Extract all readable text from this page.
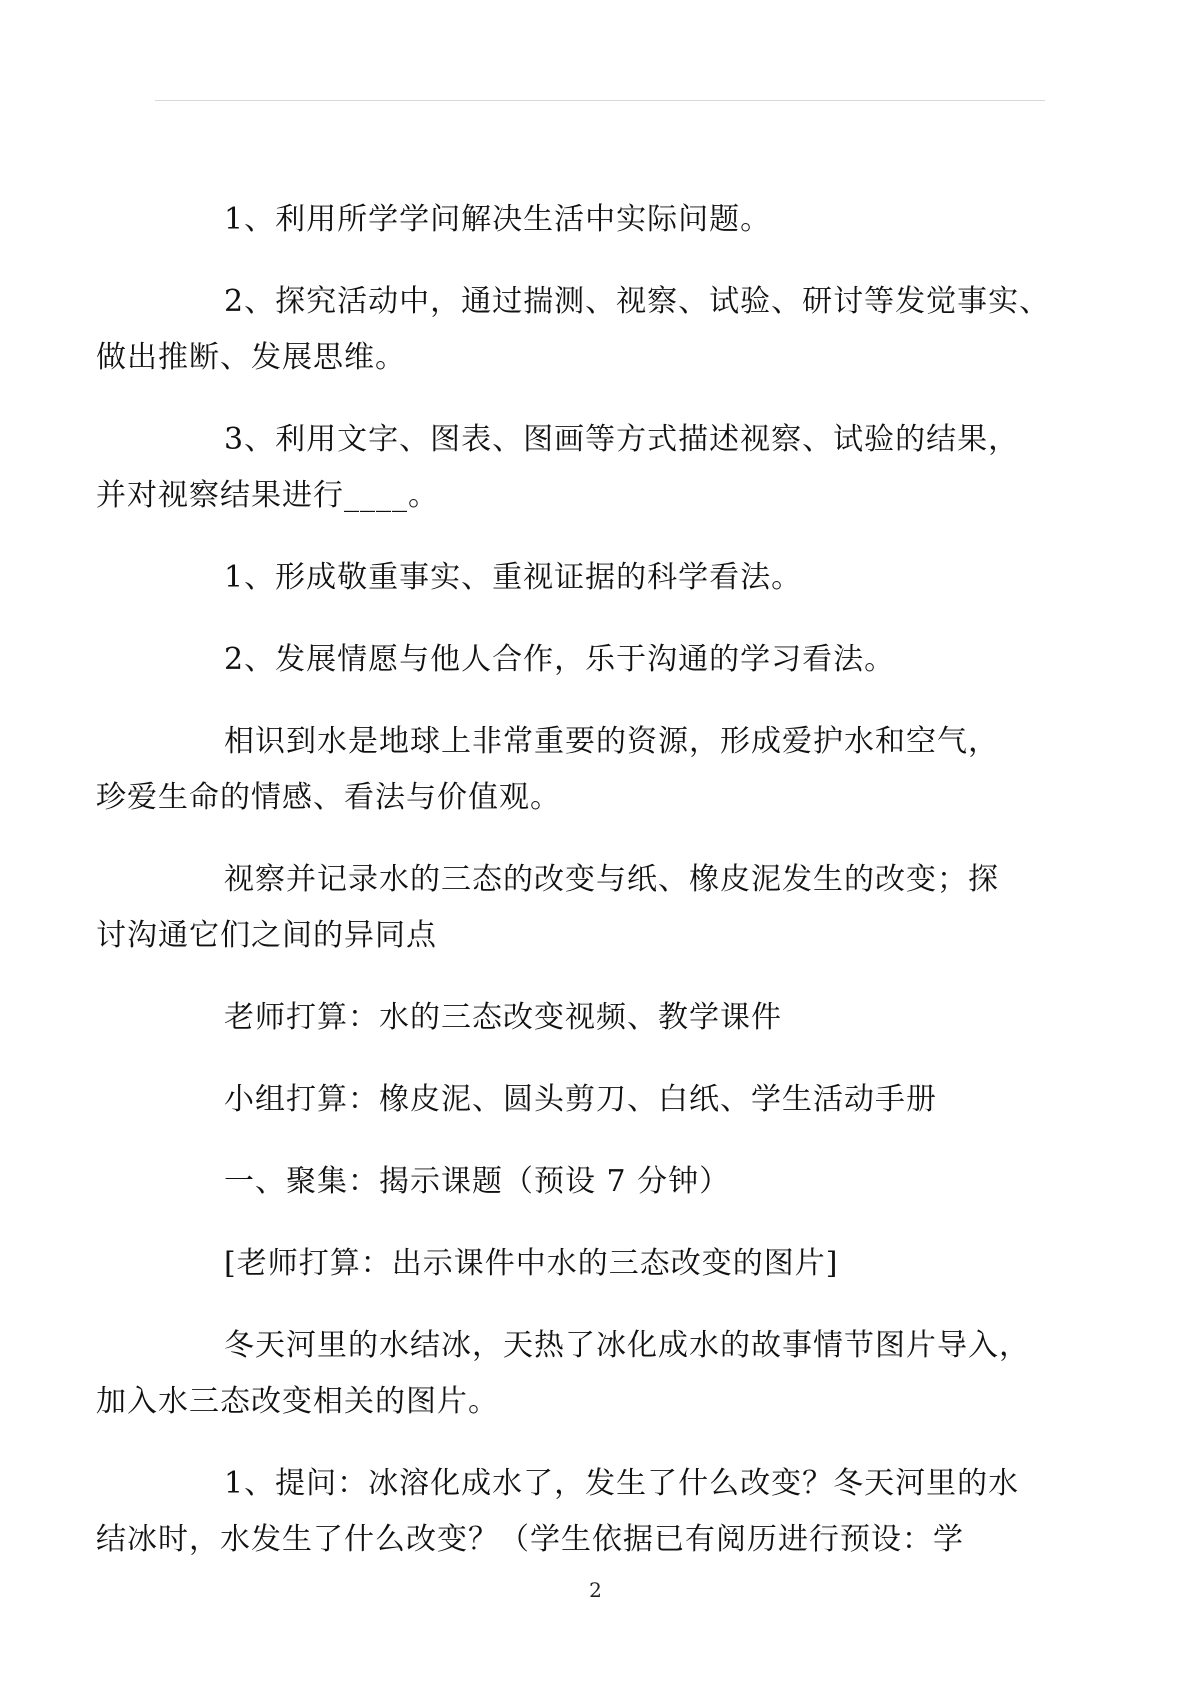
1、利用所学学问解决生活中实际问题。

2、探究活动中，通过揣测、视察、试验、研讨等发觉事实、
做出推断、发展思维。

3、利用文字、图表、图画等方式描述视察、试验的结果，
并对视察结果进行____。

1、形成敬重事实、重视证据的科学看法。

2、发展情愿与他人合作，乐于沟通的学习看法。

相识到水是地球上非常重要的资源，形成爱护水和空气，
珍爱生命的情感、看法与价值观。

视察并记录水的三态的改变与纸、橡皮泥发生的改变；探
讨沟通它们之间的异同点

老师打算：水的三态改变视频、教学课件

小组打算：橡皮泥、圆头剪刀、白纸、学生活动手册

一、聚集：揭示课题（预设 7 分钟）

[老师打算：出示课件中水的三态改变的图片]

冬天河里的水结冰，天热了冰化成水的故事情节图片导入，
加入水三态改变相关的图片。

1、提问：冰溶化成水了，发生了什么改变？冬天河里的水
结冰时，水发生了什么改变？（学生依据已有阅历进行预设：学

2
